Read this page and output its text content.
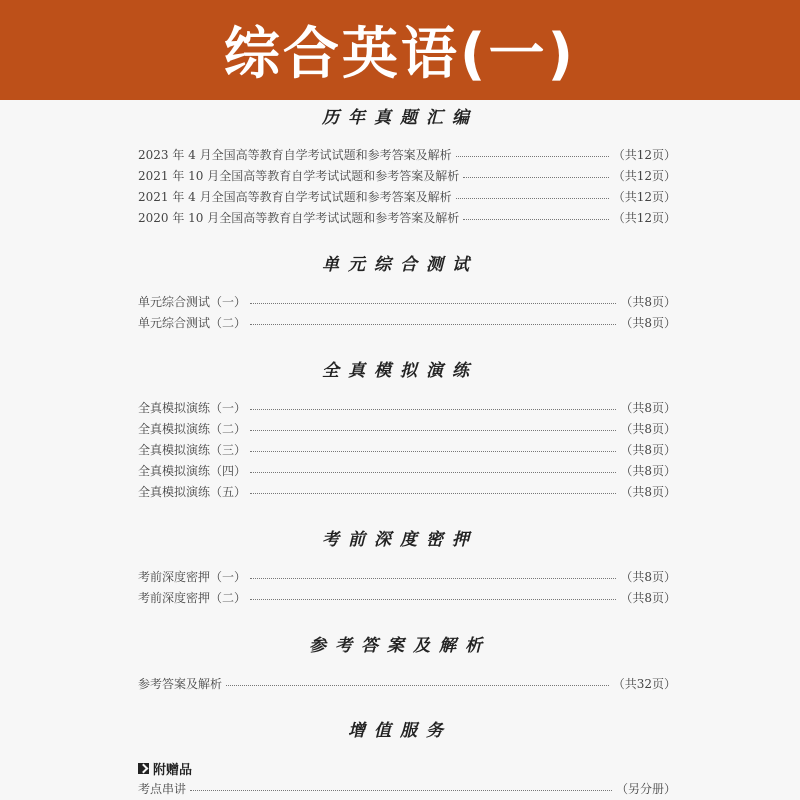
综合英语(一)
历年真题汇编
2023 年 4 月全国高等教育自学考试试题和参考答案及解析	（共12页）
2021 年 10 月全国高等教育自学考试试题和参考答案及解析	（共12页）
2021 年 4 月全国高等教育自学考试试题和参考答案及解析	（共12页）
2020 年 10 月全国高等教育自学考试试题和参考答案及解析	（共12页）
单元综合测试
单元综合测试（一）	（共8页）
单元综合测试（二）	（共8页）
全真模拟演练
全真模拟演练（一）	（共8页）
全真模拟演练（二）	（共8页）
全真模拟演练（三）	（共8页）
全真模拟演练（四）	（共8页）
全真模拟演练（五）	（共8页）
考前深度密押
考前深度密押（一）	（共8页）
考前深度密押（二）	（共8页）
参考答案及解析
参考答案及解析	（共32页）
增值服务
附赠品
考点串讲	（另分册）
